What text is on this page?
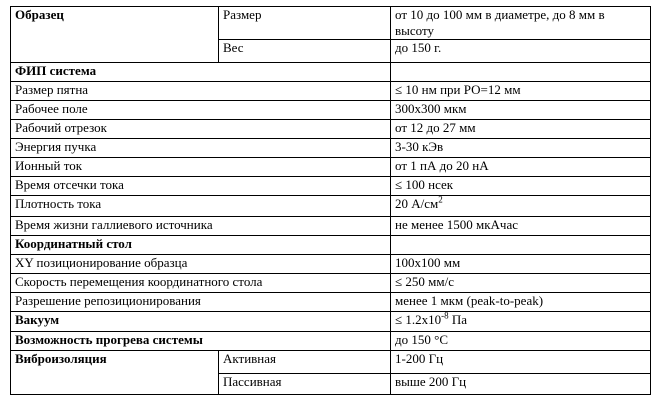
Образец	Размер	от 10 до 100 мм в диаметре, до 8 мм в высоту
	Вес	до 150 г.
ФИП система		
Размер пятна		≤ 10 нм при РО=12 мм
Рабочее поле		300х300 мкм
Рабочий отрезок		от 12 до 27 мм
Энергия пучка		3-30 кЭв
Ионный ток		от 1 пА до 20 нА
Время отсечки тока		≤ 100 нсек
Плотность тока		20 $А/см^2$
Время жизни галлиевого источника		не менее 1500 мкАчас
Координатный стол		
XY позиционирование образца		100х100 мм
Скорость перемещения координатного стола		≤ 250 мм/с
Разрешение репозиционирования		менее 1 мкм (peak-to-peak)
Вакуум		≤ $1.2х10^{-8}$ Па
Возможность прогрева системы		до 150 °С
Виброизоляция	Активная	1-200 Гц
	Пассивная	выше 200 Гц
